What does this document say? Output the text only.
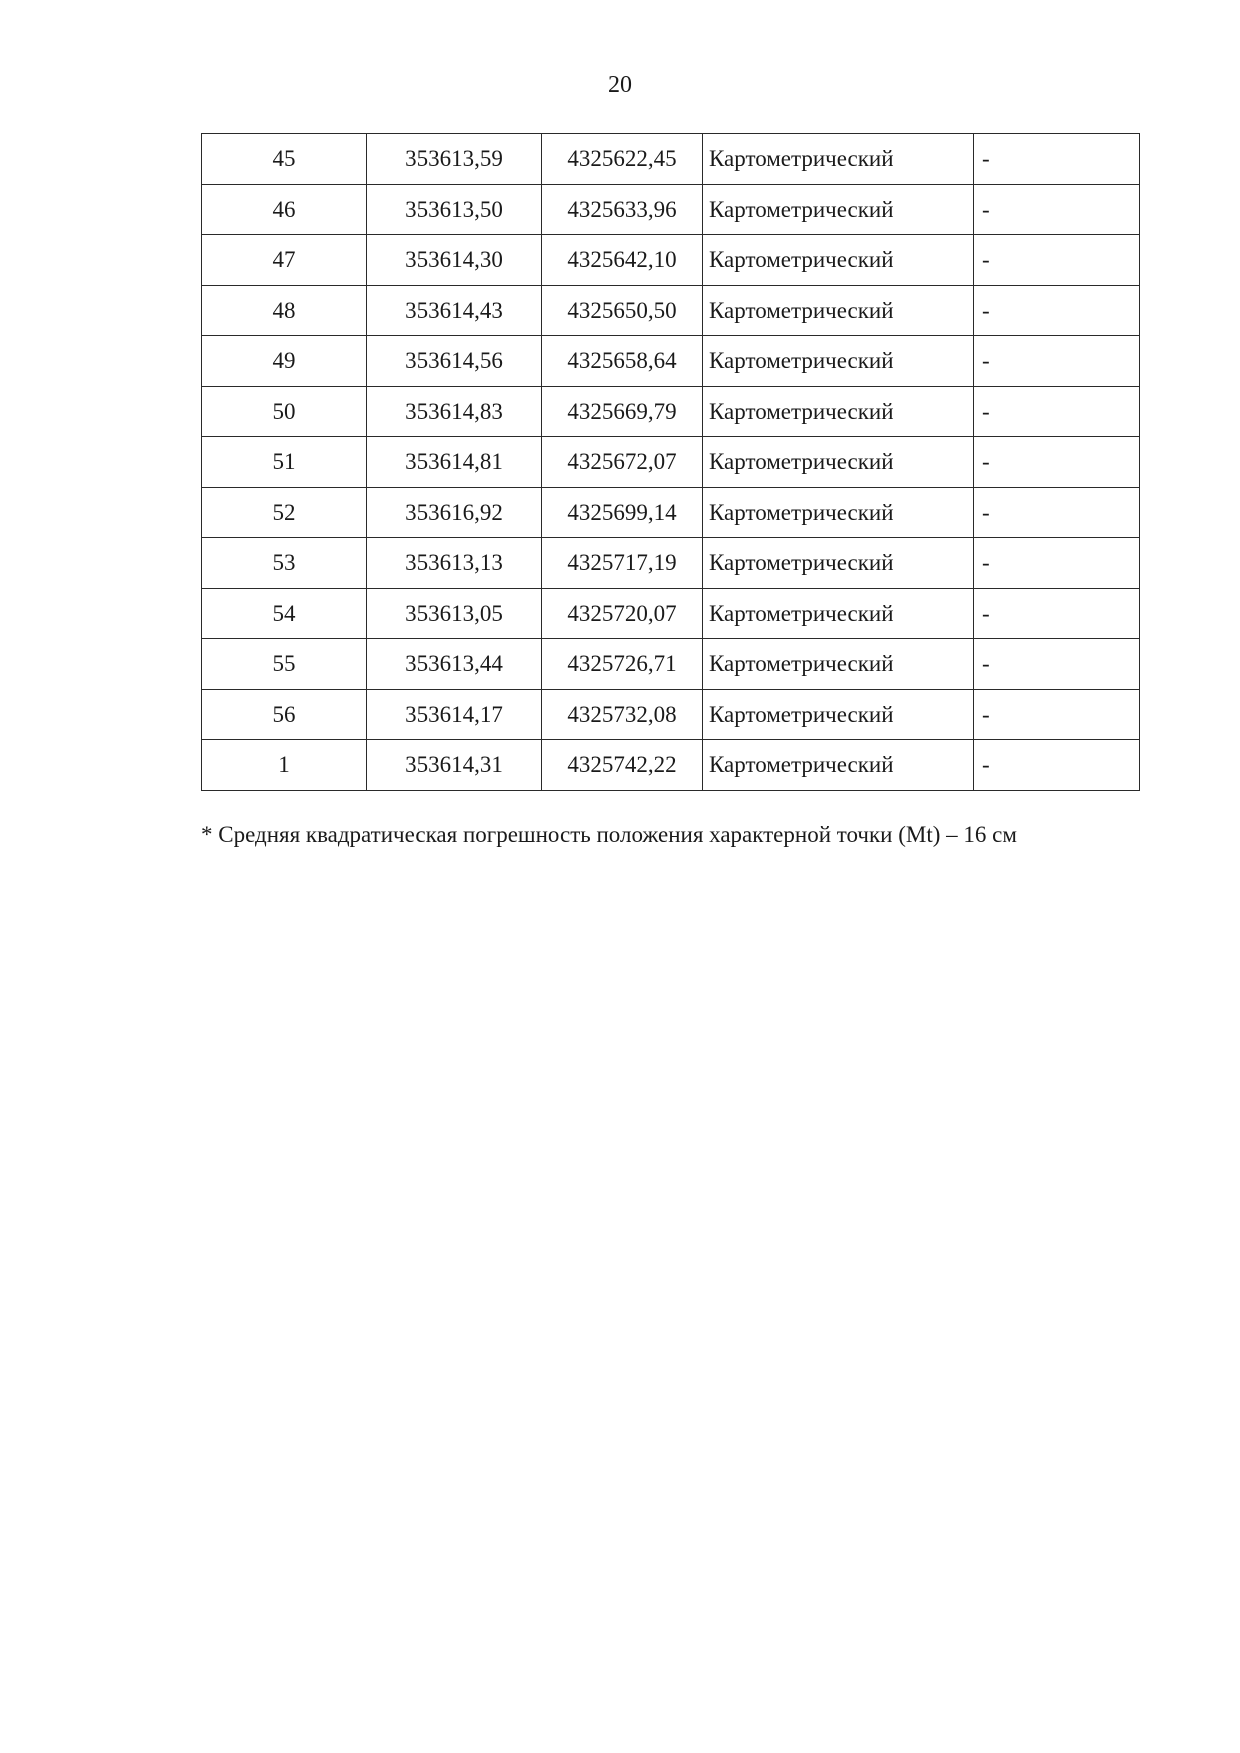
20
45	353613,59	4325622,45	Картометрический	-
46	353613,50	4325633,96	Картометрический	-
47	353614,30	4325642,10	Картометрический	-
48	353614,43	4325650,50	Картометрический	-
49	353614,56	4325658,64	Картометрический	-
50	353614,83	4325669,79	Картометрический	-
51	353614,81	4325672,07	Картометрический	-
52	353616,92	4325699,14	Картометрический	-
53	353613,13	4325717,19	Картометрический	-
54	353613,05	4325720,07	Картометрический	-
55	353613,44	4325726,71	Картометрический	-
56	353614,17	4325732,08	Картометрический	-
1	353614,31	4325742,22	Картометрический	-
* Средняя квадратическая погрешность положения характерной точки (Mt) – 16 см
